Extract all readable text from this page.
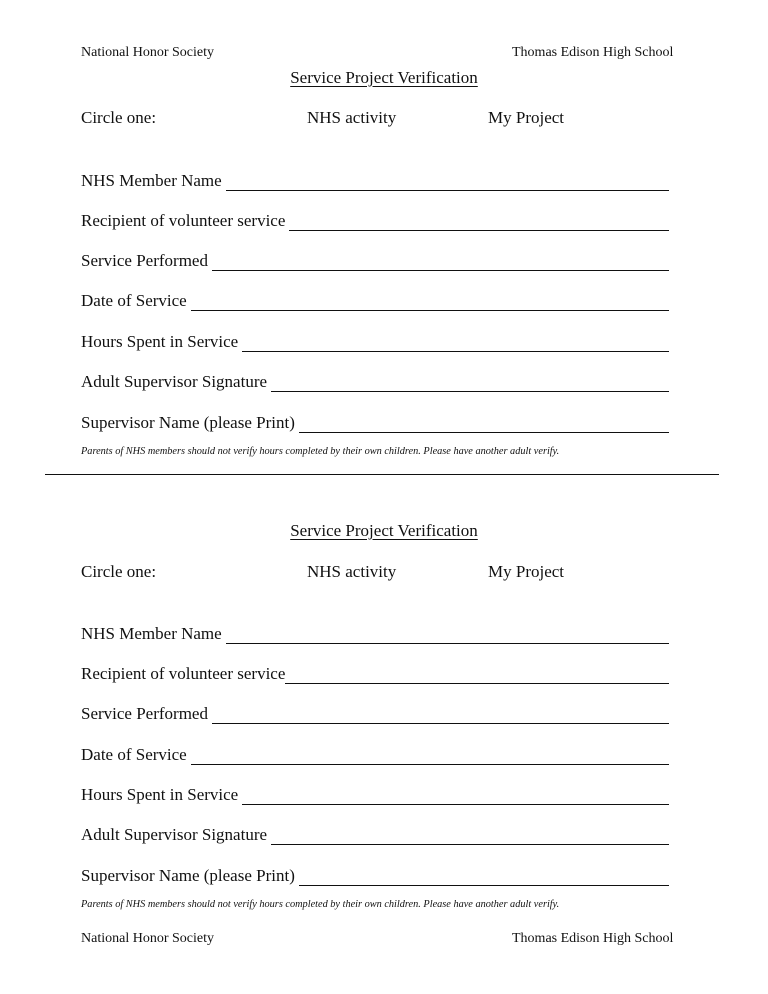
National Honor Society	Thomas Edison High School
Service Project Verification
Circle one:	NHS activity	My Project
NHS Member Name
Recipient of volunteer service
Service Performed
Date of Service
Hours Spent in Service
Adult Supervisor Signature
Supervisor Name (please Print)
Parents of NHS members should not verify hours completed by their own children. Please have another adult verify.
Service Project Verification
Circle one:	NHS activity	My Project
NHS Member Name
Recipient of volunteer service
Service Performed
Date of Service
Hours Spent in Service
Adult Supervisor Signature
Supervisor Name (please Print)
Parents of NHS members should not verify hours completed by their own children. Please have another adult verify.
National Honor Society	Thomas Edison High School
